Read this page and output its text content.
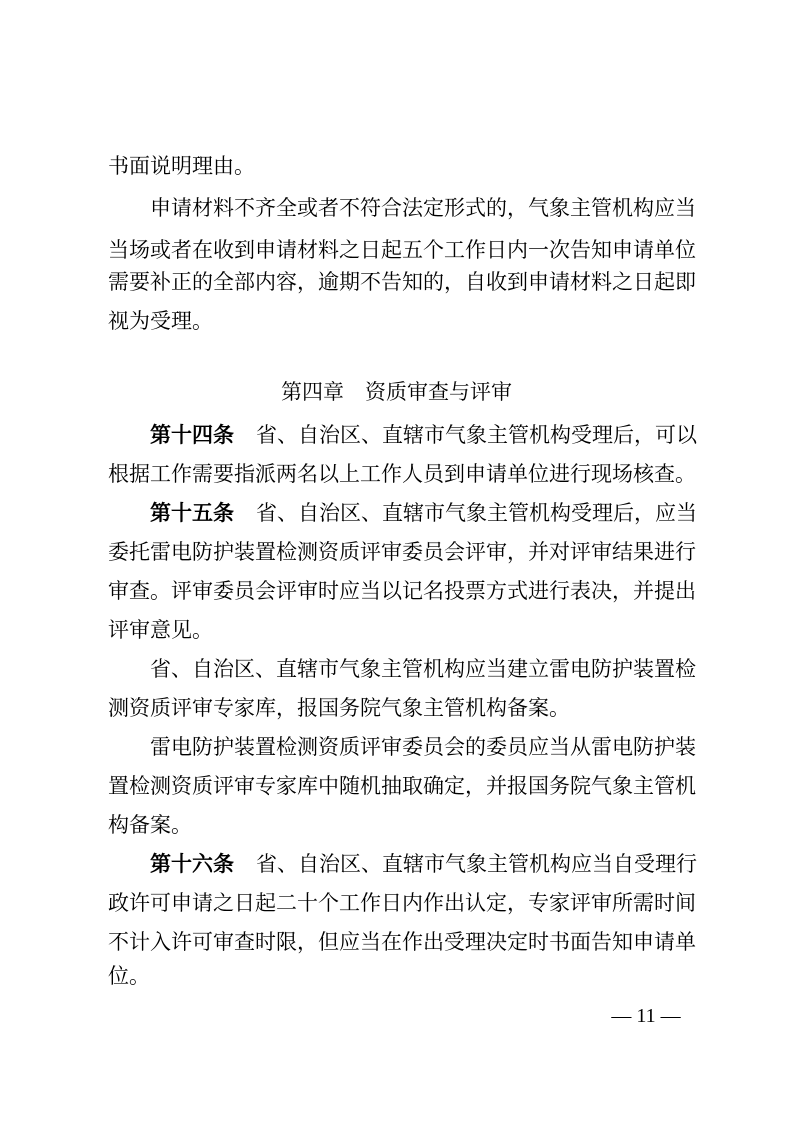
书面说明理由。
申请材料不齐全或者不符合法定形式的，气象主管机构应当
当场或者在收到申请材料之日起五个工作日内一次告知申请单位
需要补正的全部内容，逾期不告知的，自收到申请材料之日起即
视为受理。
第四章　资质审查与评审
第十四条 省、自治区、直辖市气象主管机构受理后，可以
根据工作需要指派两名以上工作人员到申请单位进行现场核查。
第十五条 省、自治区、直辖市气象主管机构受理后，应当
委托雷电防护装置检测资质评审委员会评审，并对评审结果进行
审查。评审委员会评审时应当以记名投票方式进行表决，并提出
评审意见。
省、自治区、直辖市气象主管机构应当建立雷电防护装置检
测资质评审专家库，报国务院气象主管机构备案。
雷电防护装置检测资质评审委员会的委员应当从雷电防护装
置检测资质评审专家库中随机抽取确定，并报国务院气象主管机
构备案。
第十六条 省、自治区、直辖市气象主管机构应当自受理行
政许可申请之日起二十个工作日内作出认定，专家评审所需时间
不计入许可审查时限，但应当在作出受理决定时书面告知申请单
位。
— 11 —
